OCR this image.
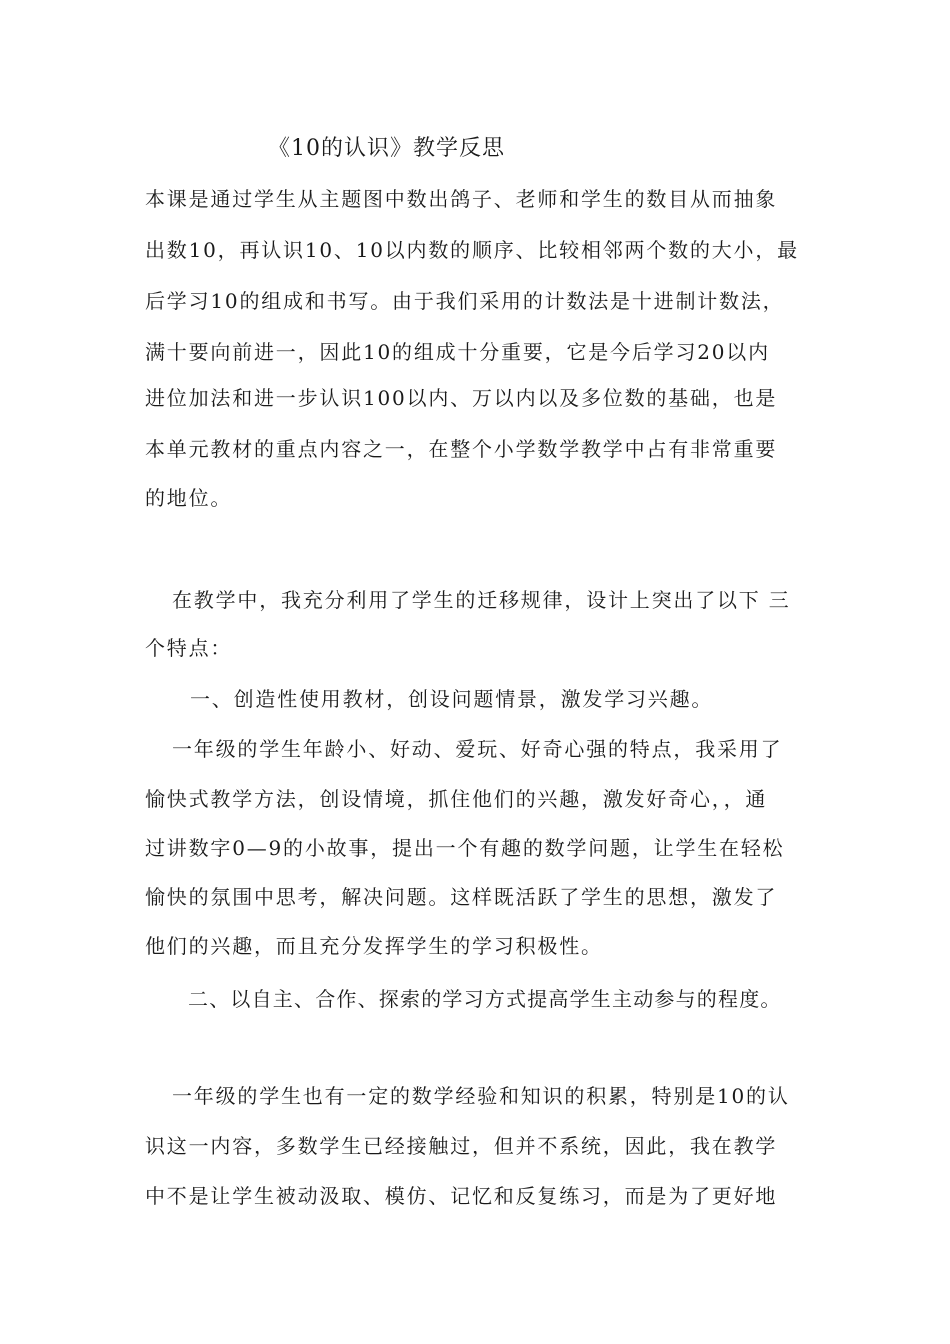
《10的认识》教学反思
本课是通过学生从主题图中数出鸽子、老师和学生的数目从而抽象
出数10，再认识10、10以内数的顺序、比较相邻两个数的大小，最
后学习10的组成和书写。由于我们采用的计数法是十进制计数法，
满十要向前进一，因此10的组成十分重要，它是今后学习20以内
进位加法和进一步认识100以内、万以内以及多位数的基础，也是
本单元教材的重点内容之一，在整个小学数学教学中占有非常重要
的地位。
在教学中，我充分利用了学生的迁移规律，设计上突出了以下 三
个特点：
一、创造性使用教材，创设问题情景，激发学习兴趣。
一年级的学生年龄小、好动、爱玩、好奇心强的特点，我采用了
愉快式教学方法，创设情境，抓住他们的兴趣，激发好奇心，，通
过讲数字0—9的小故事，提出一个有趣的数学问题，让学生在轻松
愉快的氛围中思考，解决问题。这样既活跃了学生的思想，激发了
他们的兴趣，而且充分发挥学生的学习积极性。
二、以自主、合作、探索的学习方式提高学生主动参与的程度。
一年级的学生也有一定的数学经验和知识的积累，特别是10的认
识这一内容，多数学生已经接触过，但并不系统，因此，我在教学
中不是让学生被动汲取、模仿、记忆和反复练习，而是为了更好地
